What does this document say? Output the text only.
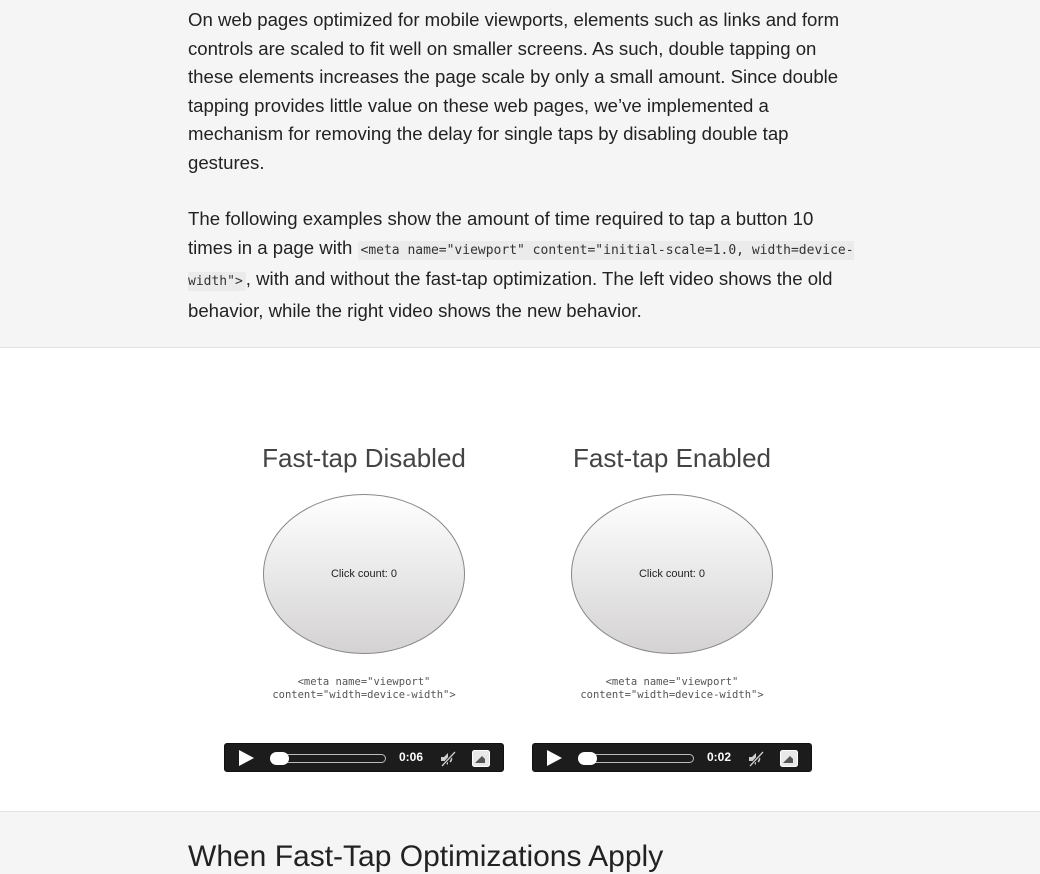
On web pages optimized for mobile viewports, elements such as links and form controls are scaled to fit well on smaller screens. As such, double tapping on these elements increases the page scale by only a small amount. Since double tapping provides little value on these web pages, we’ve implemented a mechanism for removing the delay for single taps by disabling double tap gestures.

The following examples show the amount of time required to tap a button 10 times in a page with <meta name="viewport" content="initial-scale=1.0, width=device-width"> , with and without the fast-tap optimization. The left video shows the old behavior, while the right video shows the new behavior.

Fast-tap Disabled
Click count: 0
<meta name="viewport"
content="width=device-width">
Fast-tap Enabled
Click count: 0
<meta name="viewport"
content="width=device-width">
0:06	0:02
When Fast-Tap Optimizations Apply
